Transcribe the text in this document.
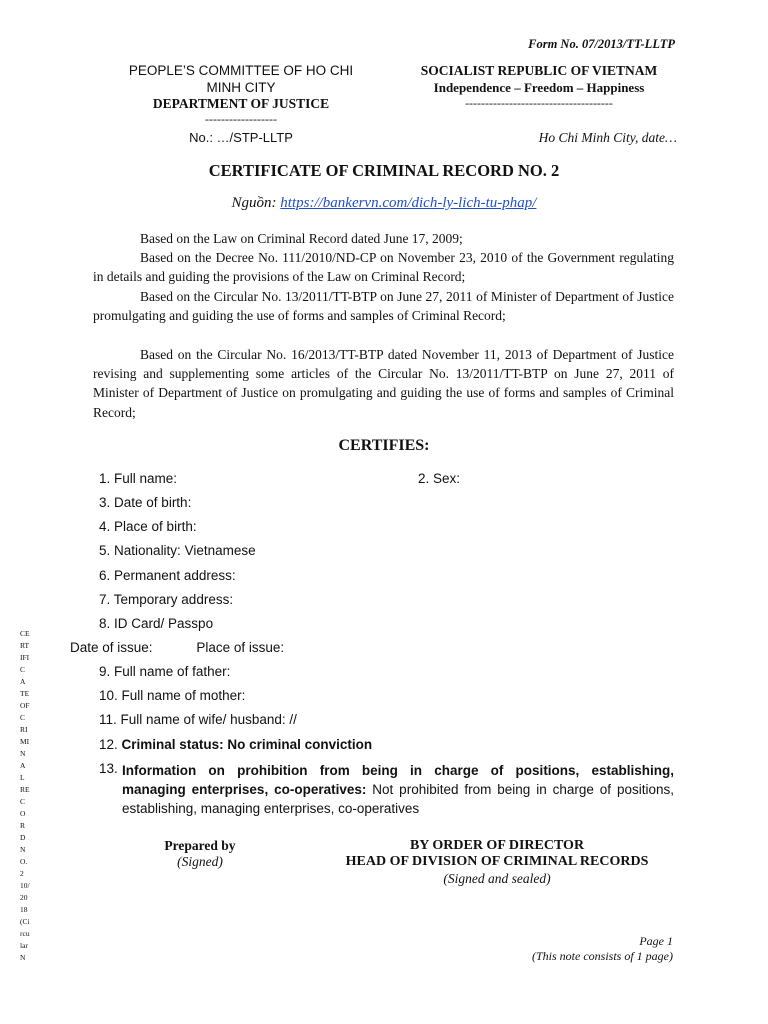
Form No. 07/2013/TT-LLTP
PEOPLE’S COMMITTEE OF HO CHI
MINH CITY
DEPARTMENT OF JUSTICE
------------------
No.: …/STP-LLTP
SOCIALIST REPUBLIC OF VIETNAM
Independence – Freedom – Happiness
-------------------------------------
Ho Chi Minh City, date…
CERTIFICATE OF CRIMINAL RECORD NO. 2
Nguồn: https://bankervn.com/dich-ly-lich-tu-phap/

Based on the Law on Criminal Record dated June 17, 2009;

Based on the Decree No. 111/2010/ND-CP on November 23, 2010 of the Government regulating in details and guiding the provisions of the Law on Criminal Record;

Based on the Circular No. 13/2011/TT-BTP on June 27, 2011 of Minister of Department of Justice promulgating and guiding the use of forms and samples of Criminal Record;

Based on the Circular No. 16/2013/TT-BTP dated November 11, 2013 of Department of Justice revising and supplementing some articles of the Circular No. 13/2011/TT-BTP on June 27, 2011 of Minister of Department of Justice on promulgating and guiding the use of forms and samples of Criminal Record;

CERTIFIES:
1. Full name:	2. Sex:
3. Date of birth:
4. Place of birth:
5. Nationality: Vietnamese
6. Permanent address:
7. Temporary address:
8. ID Card/ Passpo
Date of issue:	Place of issue:
9. Full name of father:
10. Full name of mother:
11. Full name of wife/ husband: //
12. Criminal status: No criminal conviction
13. Information on prohibition from being in charge of positions, establishing,
managing enterprises, co-operatives: Not prohibited from being in charge of positions,
establishing, managing enterprises, co-operatives
Prepared by
(Signed)
BY ORDER OF DIRECTOR
HEAD OF DIVISION OF CRIMINAL RECORDS
(Signed and sealed)
Page 1
(This note consists of 1 page)
CE
RT
IFI
C
A
TE
OF
C
RI
MI
N
A
L
RE
C
O
R
D
N
O.
2
10/
20
18
(Ci
rcu
lar
N
